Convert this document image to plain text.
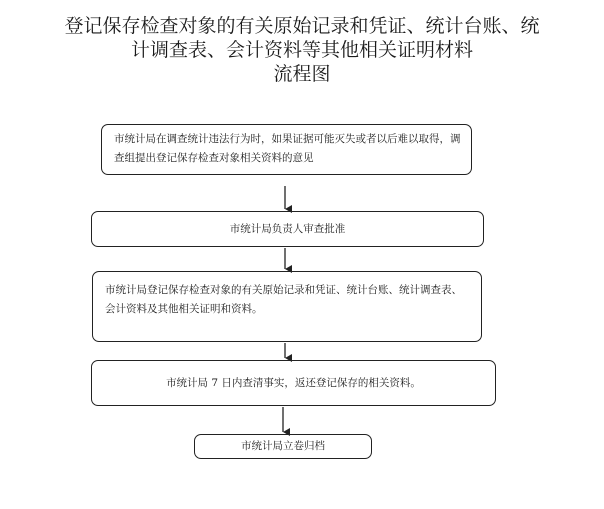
登记保存检查对象的有关原始记录和凭证、统计台账、统
计调查表、会计资料等其他相关证明材料
流程图
市统计局在调查统计违法行为时，如果证据可能灭失或者以后难以取得，调查组提出登记保存检查对象相关资料的意见
市统计局负责人审查批准
市统计局登记保存检查对象的有关原始记录和凭证、统计台账、统计调查表、会计资料及其他相关证明和资料。
市统计局 7 日内查清事实，返还登记保存的相关资料。
市统计局立卷归档
